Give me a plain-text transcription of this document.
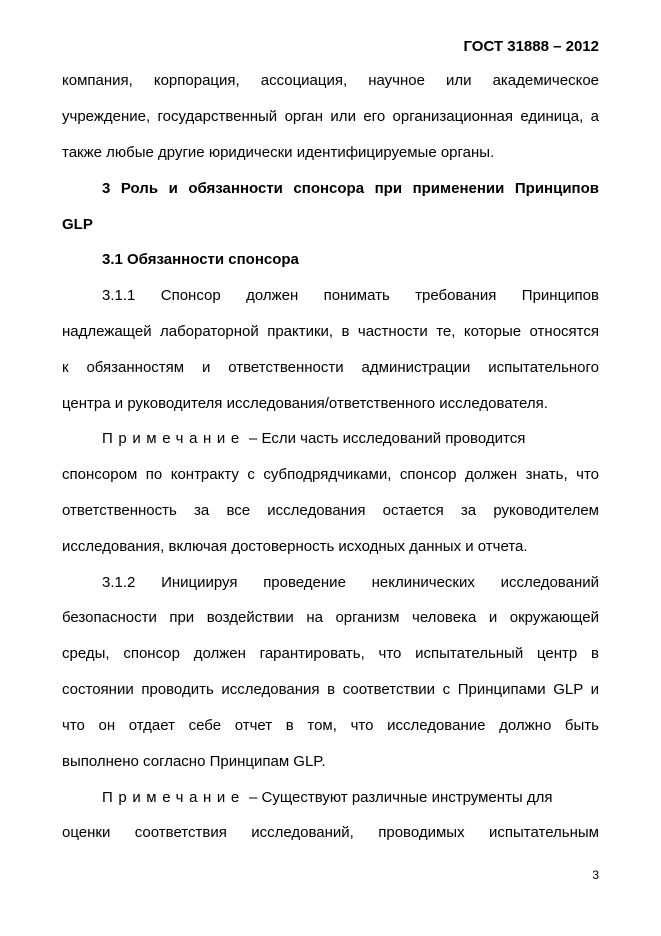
ГОСТ 31888 – 2012
компания, корпорация, ассоциация, научное или академическое
учреждение, государственный орган или его организационная единица, а
также любые другие юридически идентифицируемые органы.
3 Роль и обязанности спонсора при применении Принципов
GLP
3.1 Обязанности спонсора
3.1.1 Спонсор должен понимать требования Принципов
надлежащей лабораторной практики, в частности те, которые относятся
к обязанностям и ответственности администрации испытательного
центра и руководителя исследования/ответственного исследователя.
Примечание – Если часть исследований проводится
спонсором по контракту с субподрядчиками, спонсор должен знать, что
ответственность за все исследования остается за руководителем
исследования, включая достоверность исходных данных и отчета.
3.1.2 Инициируя проведение неклинических исследований
безопасности при воздействии на организм человека и окружающей
среды, спонсор должен гарантировать, что испытательный центр в
состоянии проводить исследования в соответствии с Принципами GLP и
что он отдает себе отчет в том, что исследование должно быть
выполнено согласно Принципам GLP.
Примечание – Существуют различные инструменты для
оценки соответствия исследований, проводимых испытательным
3
